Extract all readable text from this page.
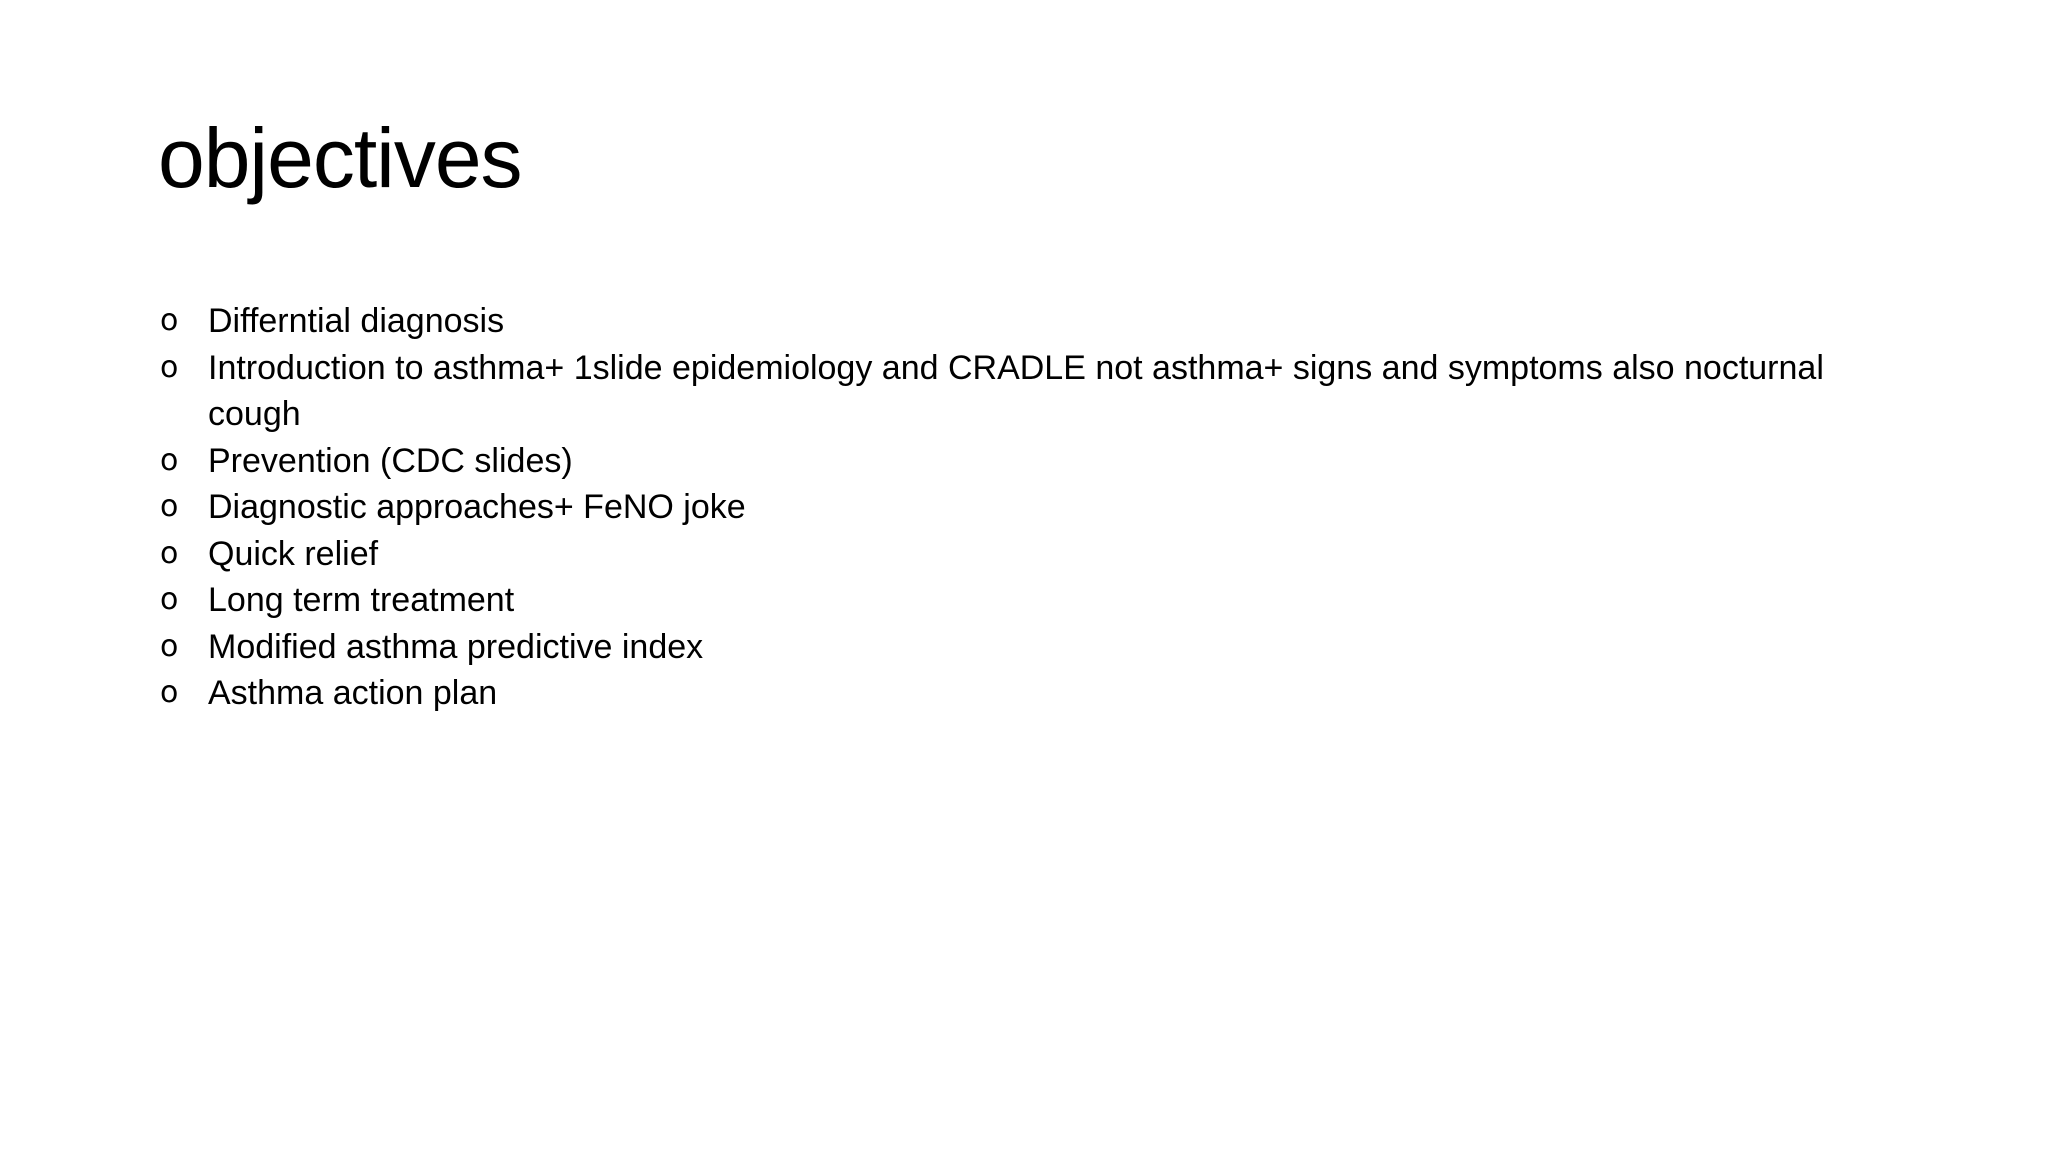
objectives
o Differntial diagnosis
o Introduction to asthma+ 1slide epidemiology and CRADLE not asthma+ signs and symptoms also nocturnal cough
o Prevention (CDC slides)
o Diagnostic approaches+ FeNO joke
o Quick relief
o Long term treatment
o Modified asthma predictive index
o Asthma action plan
